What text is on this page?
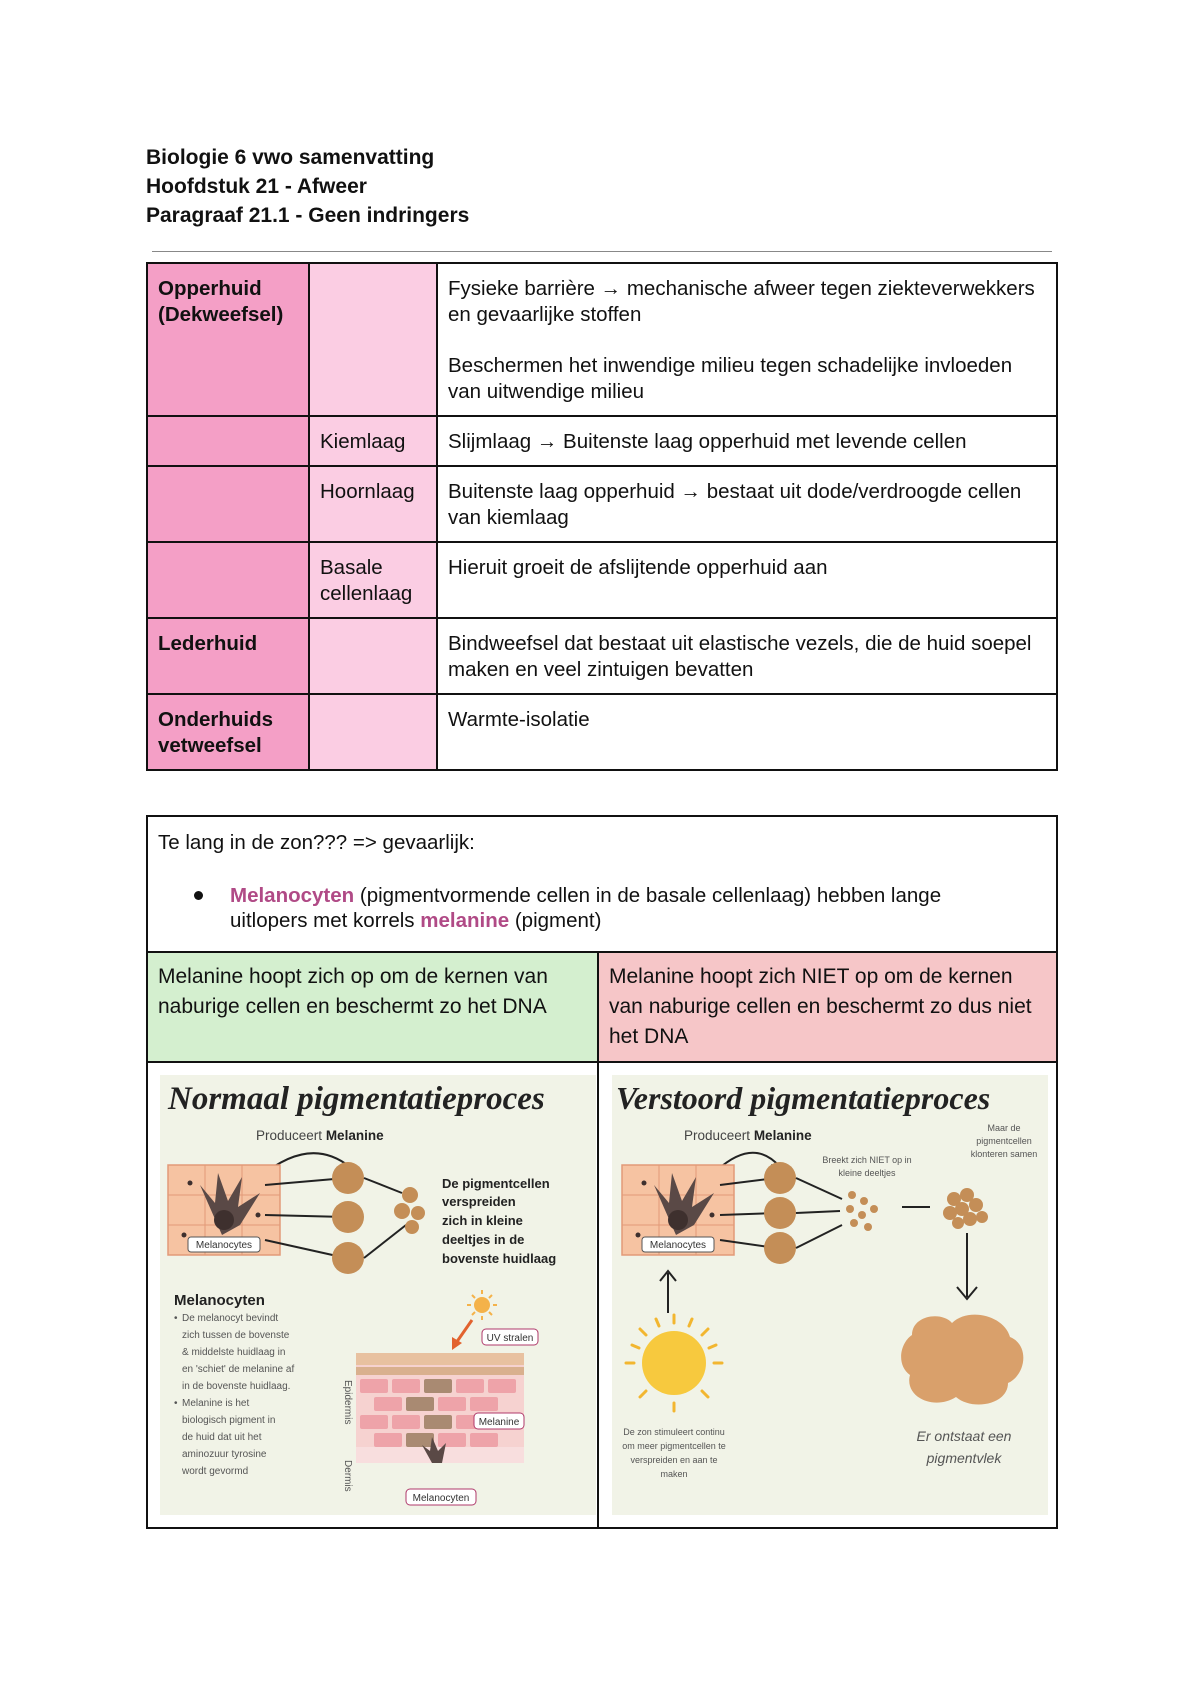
Biologie 6 vwo samenvatting
Hoofdstuk 21 - Afweer
Paragraaf 21.1 - Geen indringers
Opperhuid (Dekweefsel)		Fysieke barrière → mechanische afweer tegen ziekteverwekkers en gevaarlijke stoffen

Beschermen het inwendige milieu tegen schadelijke invloeden van uitwendige milieu

	Kiemlaag	Slijmlaag → Buitenste laag opperhuid met levende cellen
	Hoornlaag	Buitenste laag opperhuid → bestaat uit dode/verdroogde cellen van kiemlaag
	Basale cellenlaag	Hieruit groeit de afslijtende opperhuid aan
Lederhuid		Bindweefsel dat bestaat uit elastische vezels, die de huid soepel maken en veel zintuigen bevatten
Onderhuids vetweefsel		Warmte-isolatie
Te lang in de zon??? => gevaarlijk:
Melanocyten (pigmentvormende cellen in de basale cellenlaag) hebben lange uitlopers met korrels melanine (pigment)
Melanine hoopt zich op om de kernen van naburige cellen en beschermt zo het DNA
Melanine hoopt zich NIET op om de kernen van naburige cellen en beschermt zo dus niet het DNA
Normaal pigmentatieproces
Produceert Melanine
Melanocytes
De pigmentcellen
verspreiden
zich in kleine
deeltjes in de
bovenste huidlaag
Melanocyten
• De melanocyt bevindt
zich tussen de bovenste
& middelste huidlaag in
en 'schiet' de melanine af
in de bovenste huidlaag.
• Melanine is het
biologisch pigment in
de huid dat uit het
aminozuur tyrosine
wordt gevormd
UV stralen
Epidermis
Dermis
Melanine
Melanocyten
Verstoord pigmentatieproces
Produceert Melanine
Melanocytes
Breekt zich NIET op in kleine deeltjes
Maar de pigmentcellen klonteren samen
Er ontstaat een pigmentvlek
De zon stimuleert continu om meer pigmentcellen te verspreiden en aan te maken
